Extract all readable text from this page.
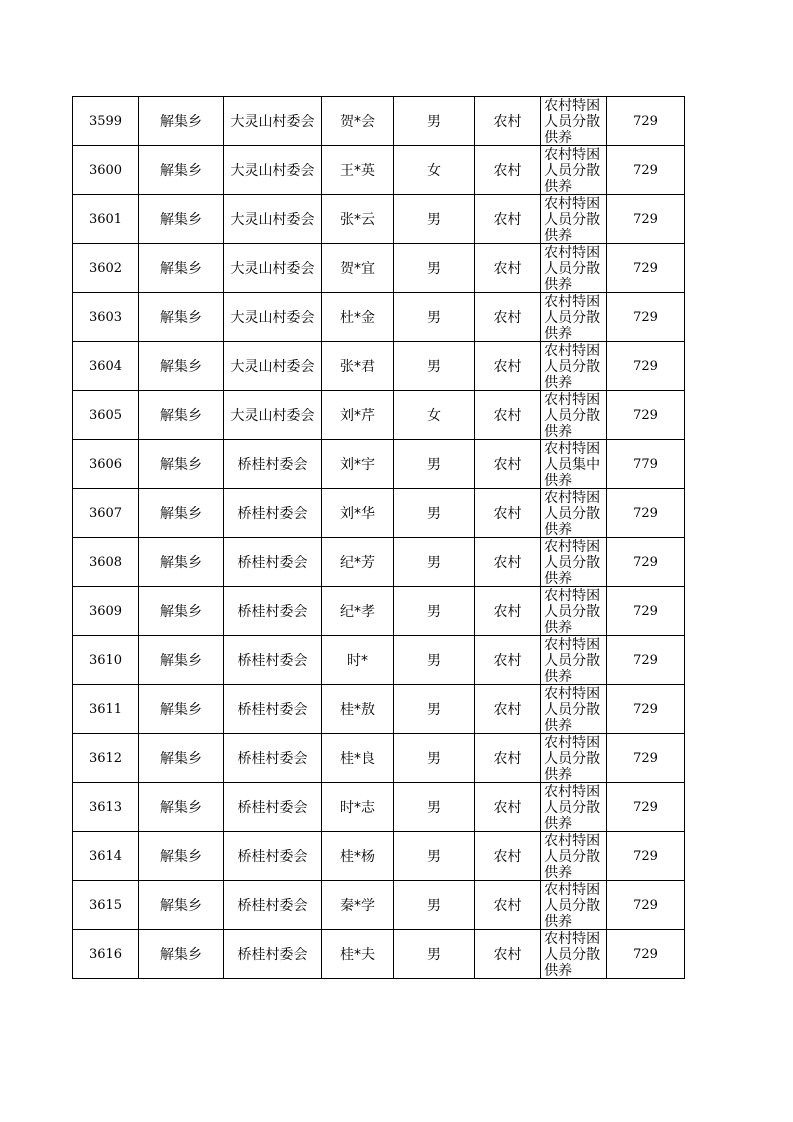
3599	解集乡	大灵山村委会	贺*会	男	农村	农村特困人员分散供养	729
3600	解集乡	大灵山村委会	王*英	女	农村	农村特困人员分散供养	729
3601	解集乡	大灵山村委会	张*云	男	农村	农村特困人员分散供养	729
3602	解集乡	大灵山村委会	贺*宜	男	农村	农村特困人员分散供养	729
3603	解集乡	大灵山村委会	杜*金	男	农村	农村特困人员分散供养	729
3604	解集乡	大灵山村委会	张*君	男	农村	农村特困人员分散供养	729
3605	解集乡	大灵山村委会	刘*芹	女	农村	农村特困人员分散供养	729
3606	解集乡	桥桂村委会	刘*宇	男	农村	农村特困人员集中供养	779
3607	解集乡	桥桂村委会	刘*华	男	农村	农村特困人员分散供养	729
3608	解集乡	桥桂村委会	纪*芳	男	农村	农村特困人员分散供养	729
3609	解集乡	桥桂村委会	纪*孝	男	农村	农村特困人员分散供养	729
3610	解集乡	桥桂村委会	时*	男	农村	农村特困人员分散供养	729
3611	解集乡	桥桂村委会	桂*敖	男	农村	农村特困人员分散供养	729
3612	解集乡	桥桂村委会	桂*良	男	农村	农村特困人员分散供养	729
3613	解集乡	桥桂村委会	时*志	男	农村	农村特困人员分散供养	729
3614	解集乡	桥桂村委会	桂*杨	男	农村	农村特困人员分散供养	729
3615	解集乡	桥桂村委会	秦*学	男	农村	农村特困人员分散供养	729
3616	解集乡	桥桂村委会	桂*夫	男	农村	农村特困人员分散供养	729
